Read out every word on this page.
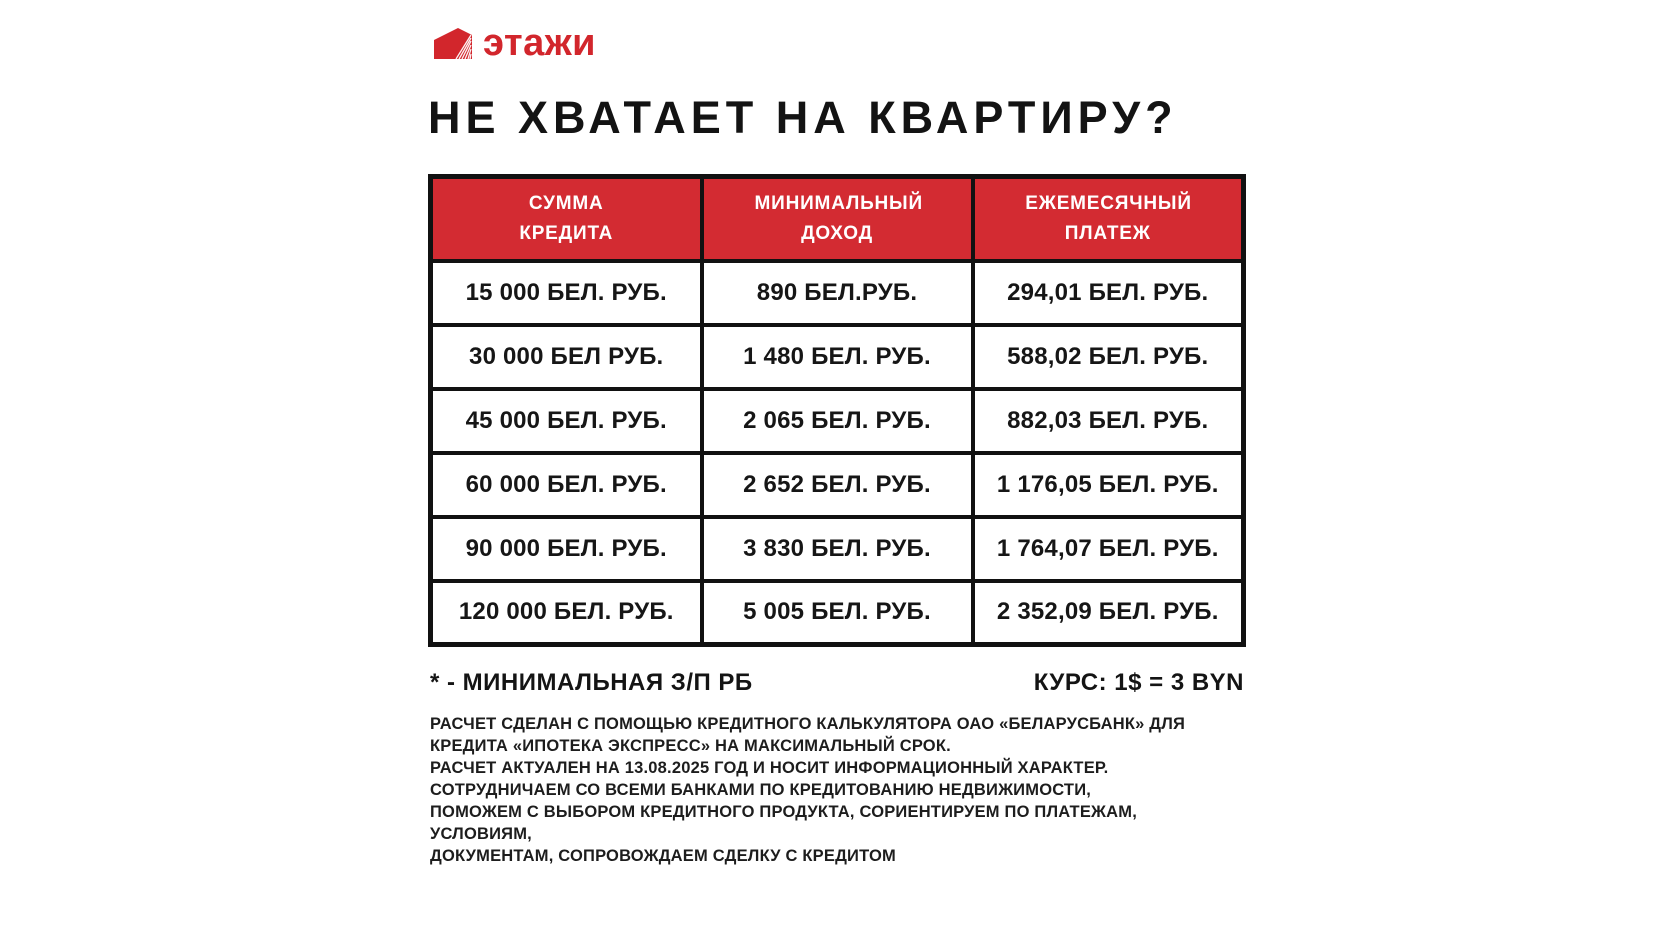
этажи
НЕ ХВАТАЕТ НА КВАРТИРУ?
СУММА КРЕДИТА	МИНИМАЛЬНЫЙ ДОХОД	ЕЖЕМЕСЯЧНЫЙ ПЛАТЕЖ
15 000 БЕЛ. РУБ.	890 БЕЛ.РУБ.	294,01 БЕЛ. РУБ.
30 000 БЕЛ РУБ.	1 480 БЕЛ. РУБ.	588,02 БЕЛ. РУБ.
45 000 БЕЛ. РУБ.	2 065 БЕЛ. РУБ.	882,03 БЕЛ. РУБ.
60 000 БЕЛ. РУБ.	2 652 БЕЛ. РУБ.	1 176,05 БЕЛ. РУБ.
90 000 БЕЛ. РУБ.	3 830 БЕЛ. РУБ.	1 764,07 БЕЛ. РУБ.
120 000 БЕЛ. РУБ.	5 005 БЕЛ. РУБ.	2 352,09 БЕЛ. РУБ.
* - МИНИМАЛЬНАЯ З/П РБ	КУРС: 1$ = 3 BYN
РАСЧЕТ СДЕЛАН С ПОМОЩЬЮ КРЕДИТНОГО КАЛЬКУЛЯТОРА ОАО «БЕЛАРУСБАНК» ДЛЯ
КРЕДИТА «ИПОТЕКА ЭКСПРЕСС» НА МАКСИМАЛЬНЫЙ СРОК.
РАСЧЕТ АКТУАЛЕН НА 13.08.2025 ГОД И НОСИТ ИНФОРМАЦИОННЫЙ ХАРАКТЕР.
СОТРУДНИЧАЕМ СО ВСЕМИ БАНКАМИ ПО КРЕДИТОВАНИЮ НЕДВИЖИМОСТИ,
ПОМОЖЕМ С ВЫБОРОМ КРЕДИТНОГО ПРОДУКТА, СОРИЕНТИРУЕМ ПО ПЛАТЕЖАМ,
УСЛОВИЯМ,
ДОКУМЕНТАМ, СОПРОВОЖДАЕМ СДЕЛКУ С КРЕДИТОМ
